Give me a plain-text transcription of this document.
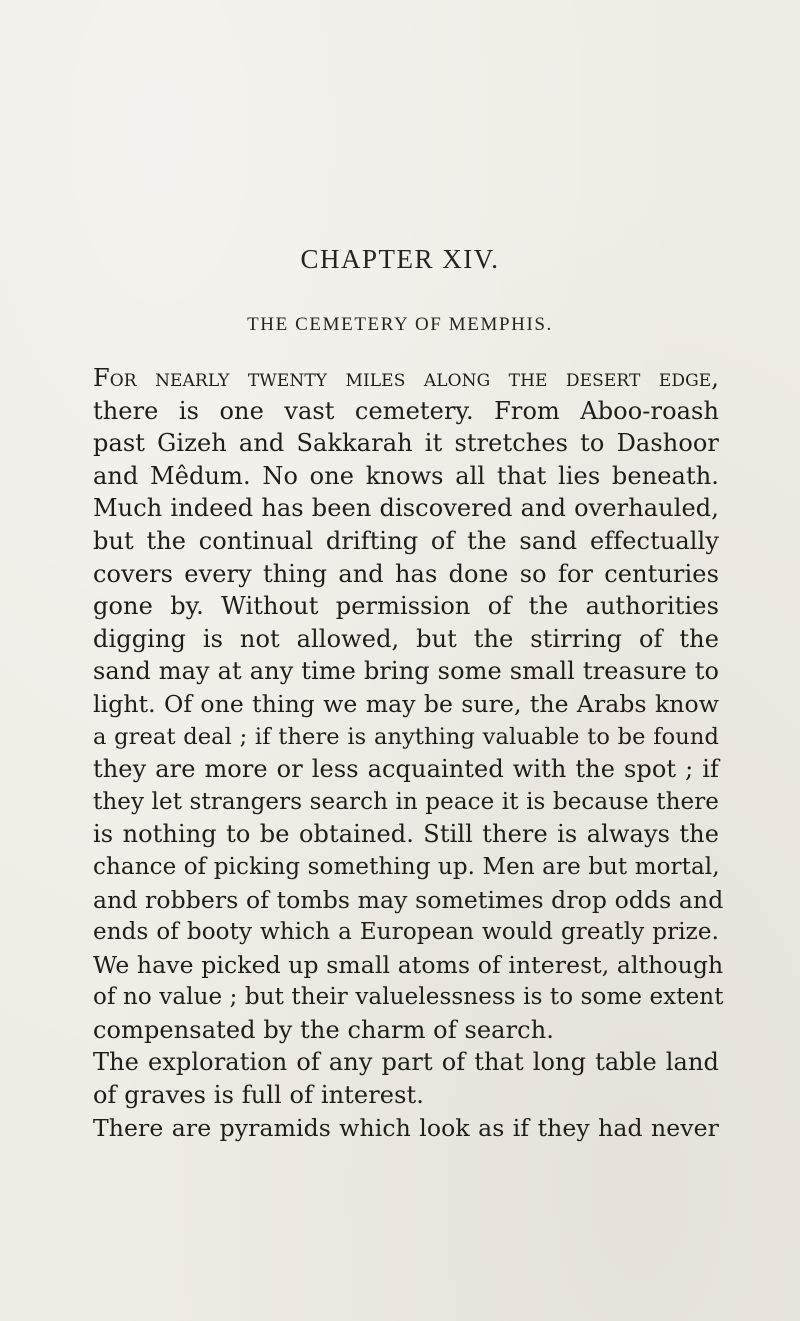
CHAPTER XIV.
THE CEMETERY OF MEMPHIS.
For nearly twenty miles along the desert edge,
there is one vast cemetery. From Aboo-roash
past Gizeh and Sakkarah it stretches to Dashoor
and Mêdum. No one knows all that lies beneath.
Much indeed has been discovered and overhauled,
but the continual drifting of the sand effectually
covers every thing and has done so for centuries
gone by. Without permission of the authorities
digging is not allowed, but the stirring of the
sand may at any time bring some small treasure to
light. Of one thing we may be sure, the Arabs know
a great deal ; if there is anything valuable to be found
they are more or less acquainted with the spot ; if
they let strangers search in peace it is because there
is nothing to be obtained. Still there is always the
chance of picking something up. Men are but mortal,
and robbers of tombs may sometimes drop odds and
ends of booty which a European would greatly prize.
We have picked up small atoms of interest, although
of no value ; but their valuelessness is to some extent
compensated by the charm of search.
The exploration of any part of that long table land
of graves is full of interest.
There are pyramids which look as if they had never
